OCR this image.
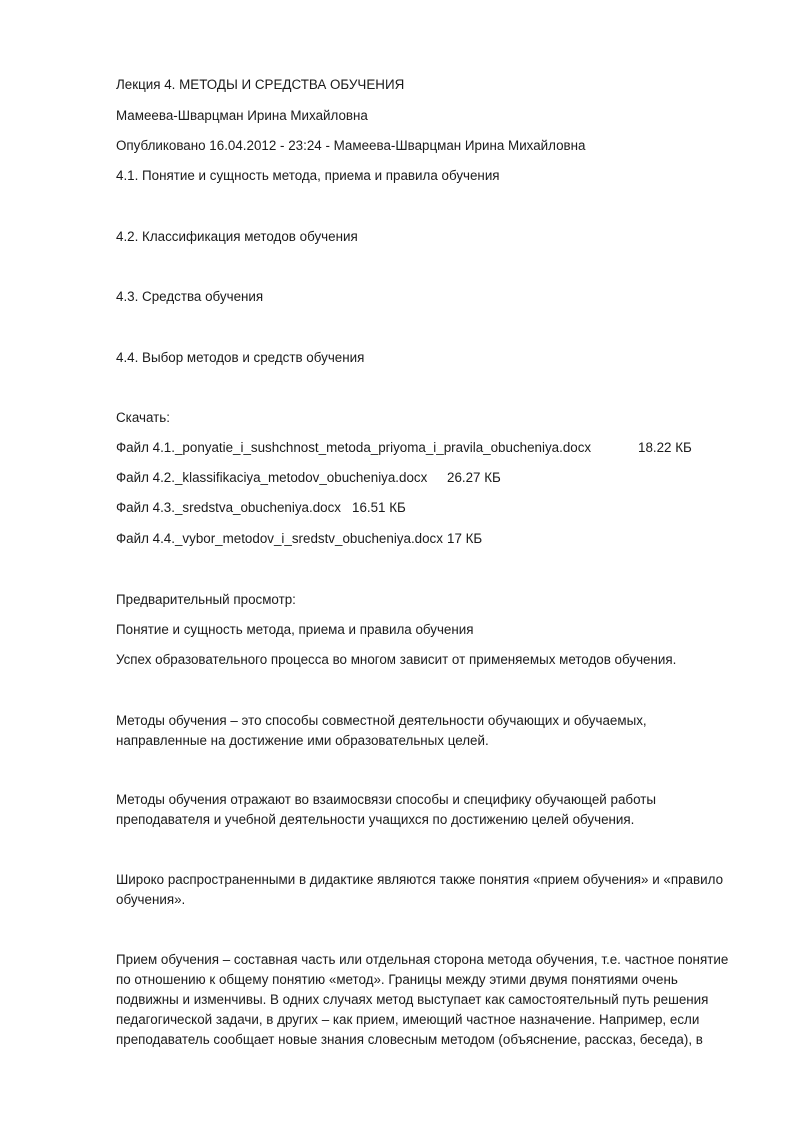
Лекция 4. МЕТОДЫ И СРЕДСТВА ОБУЧЕНИЯ
Мамеева-Шварцман Ирина Михайловна
Опубликовано 16.04.2012 - 23:24 - Мамеева-Шварцман Ирина Михайловна
4.1. Понятие и сущность метода, приема и правила обучения
4.2. Классификация методов обучения
4.3. Средства обучения
4.4. Выбор методов и средств обучения
Скачать:
Файл 4.1._ponyatie_i_sushchnost_metoda_priyoma_i_pravila_obucheniya.docx	18.22 КБ
Файл 4.2._klassifikaciya_metodov_obucheniya.docx 26.27 КБ
Файл 4.3._sredstva_obucheniya.docx 16.51 КБ
Файл 4.4._vybor_metodov_i_sredstv_obucheniya.docx 17 КБ
Предварительный просмотр:
Понятие и сущность метода, приема и правила обучения
Успех образовательного процесса во многом зависит от применяемых методов обучения.
Методы обучения – это способы совместной деятельности обучающих и обучаемых, направленные на достижение ими образовательных целей.
Методы обучения отражают во взаимосвязи способы и специфику обучающей работы преподавателя и учебной деятельности учащихся по достижению целей обучения.
Широко распространенными в дидактике являются также понятия «прием обучения» и «правило обучения».
Прием обучения – составная часть или отдельная сторона метода обучения, т.е. частное понятие по отношению к общему понятию «метод». Границы между этими двумя понятиями очень подвижны и изменчивы. В одних случаях метод выступает как самостоятельный путь решения педагогической задачи, в других – как прием, имеющий частное назначение. Например, если преподаватель сообщает новые знания словесным методом (объяснение, рассказ, беседа), в
